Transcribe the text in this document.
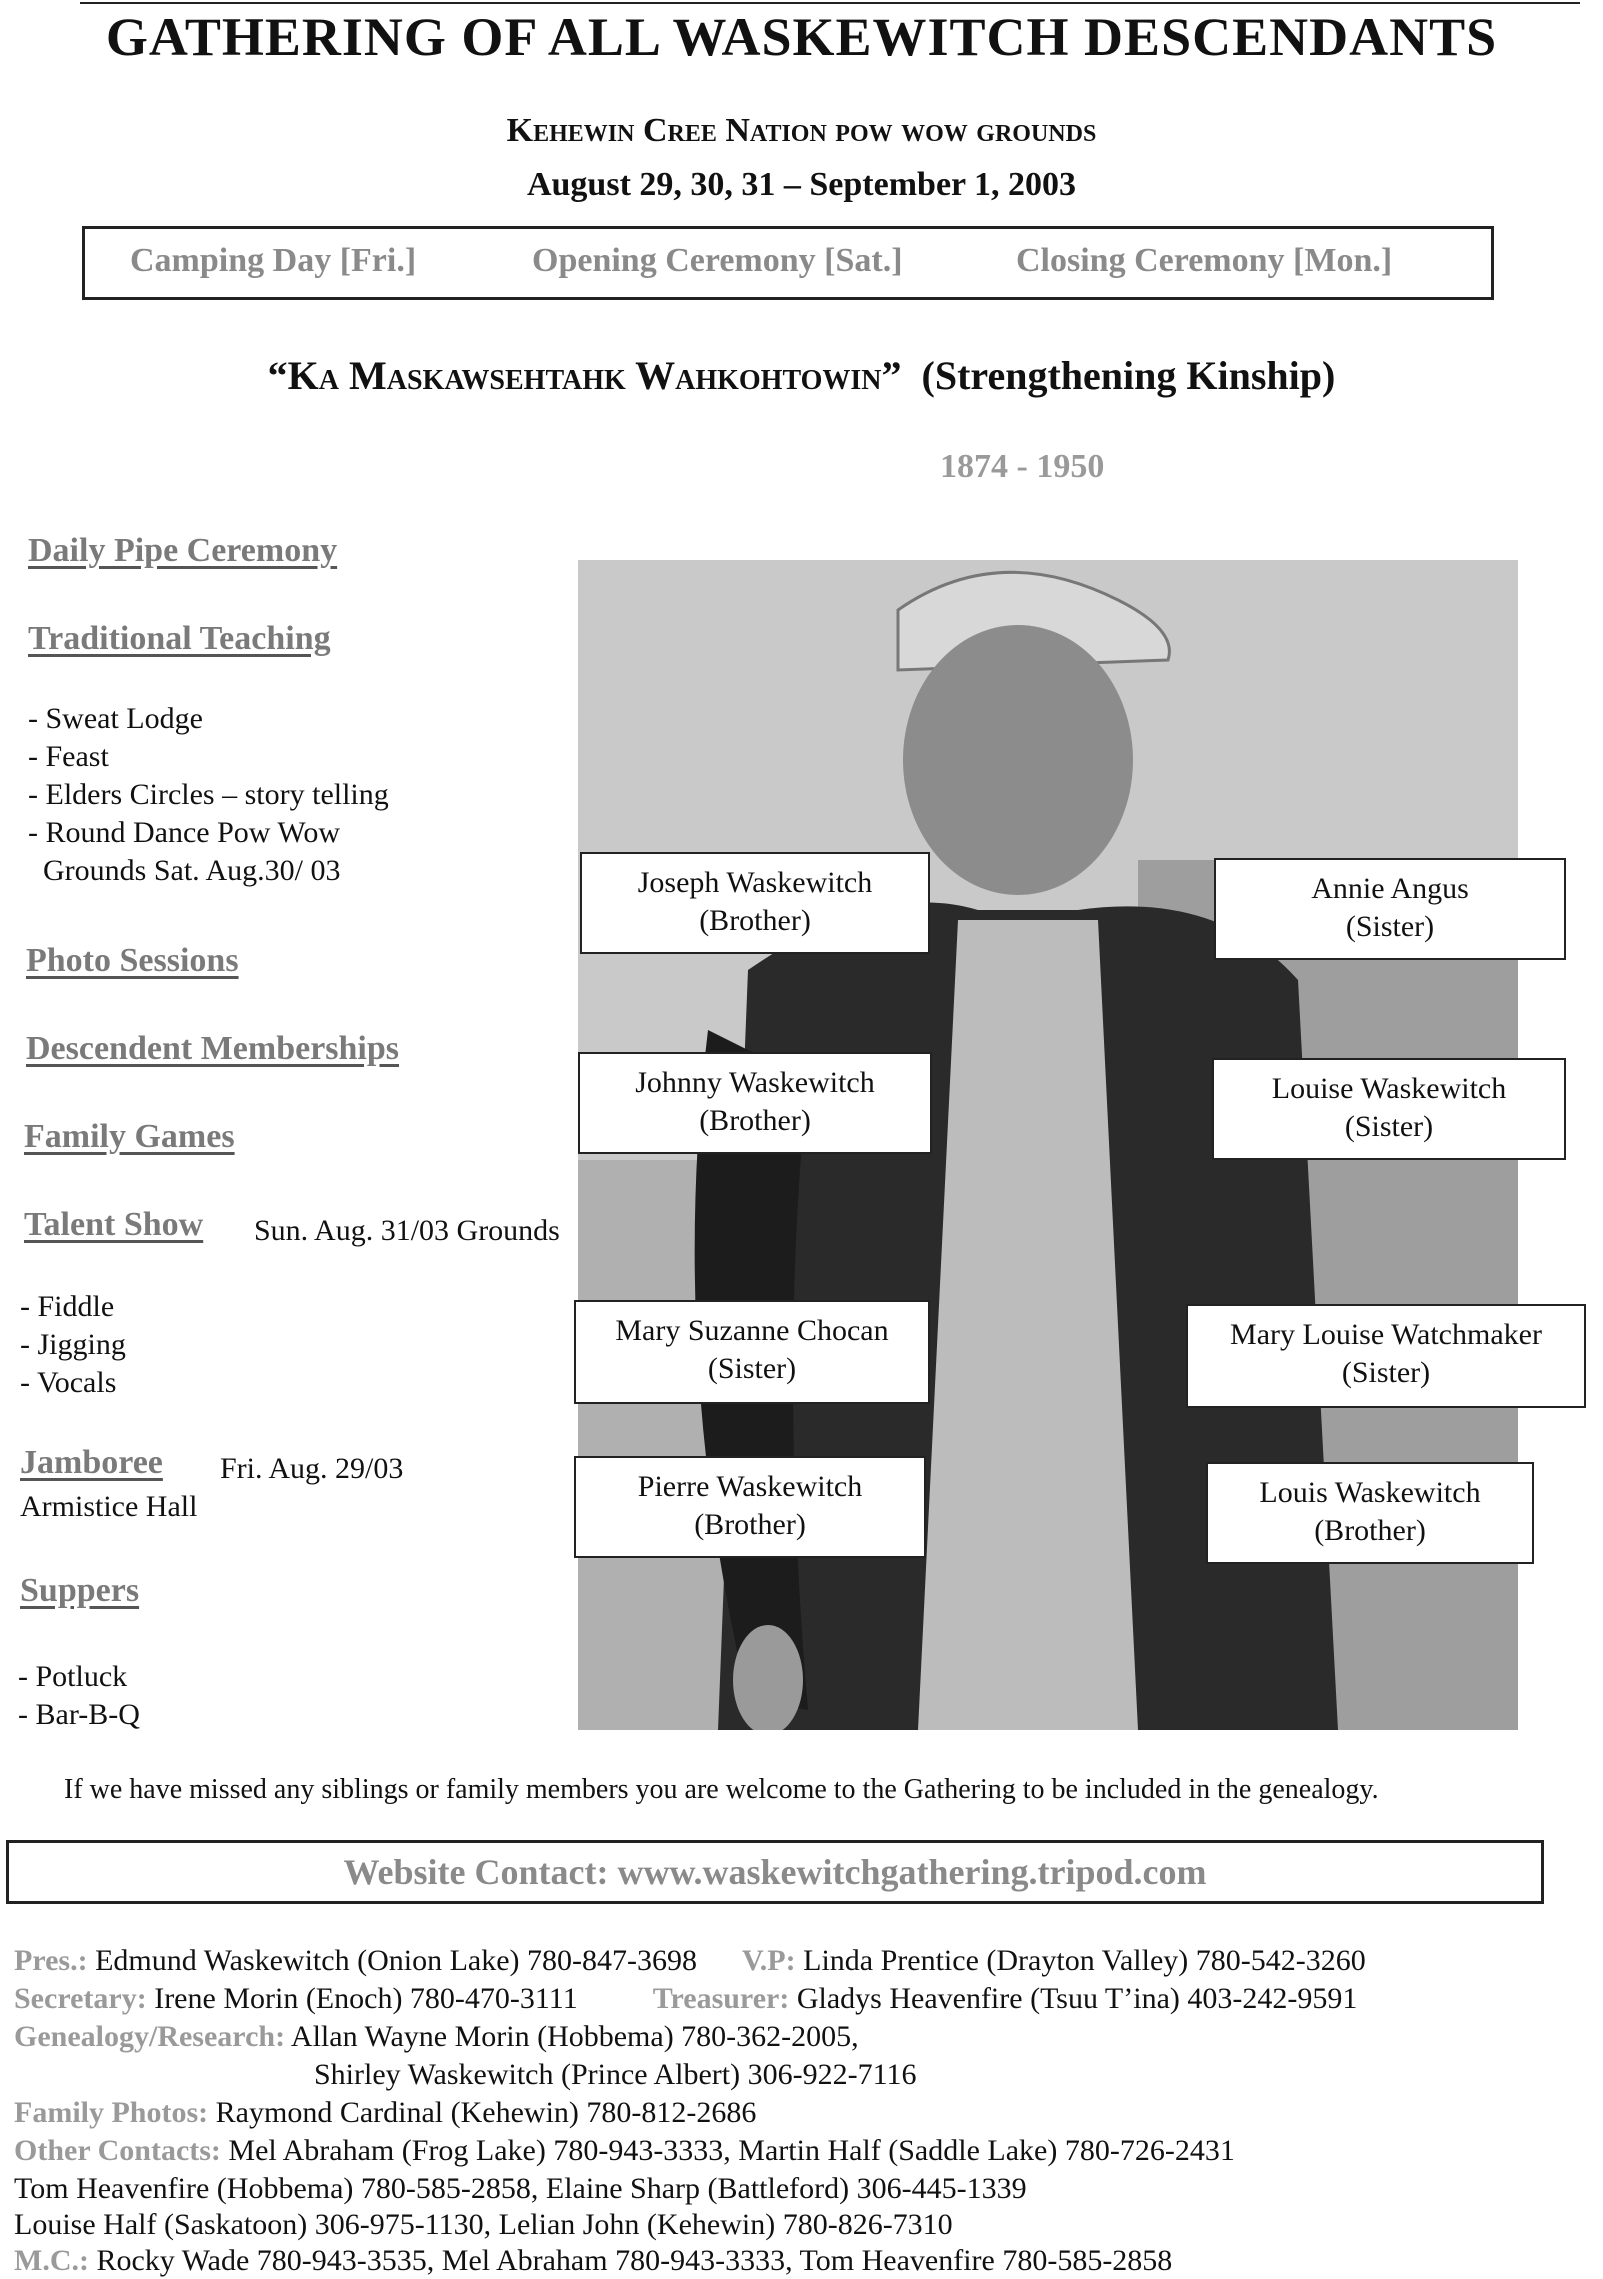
GATHERING OF ALL WASKEWITCH DESCENDANTS
Kehewin Cree Nation pow wow grounds
August 29, 30, 31 – September 1, 2003
Camping Day [Fri.]	Opening Ceremony [Sat.]	Closing Ceremony [Mon.]
“Ka Maskawsehtahk Wahkohtowin” (Strengthening Kinship)
1874 - 1950
Daily Pipe Ceremony
Traditional Teaching
- Sweat Lodge
- Feast
- Elders Circles – story telling
- Round Dance Pow Wow
Grounds Sat. Aug.30/ 03
Photo Sessions
Descendent Memberships
Family Games
Talent Show Sun. Aug. 31/03 Grounds
- Fiddle
- Jigging
- Vocals
Jamboree Fri. Aug. 29/03
Armistice Hall
Suppers
- Potluck
- Bar-B-Q
Joseph Waskewitch
(Brother)
Annie Angus
(Sister)
Johnny Waskewitch
(Brother)
Louise Waskewitch
(Sister)
Mary Suzanne Chocan
(Sister)
Mary Louise Watchmaker
(Sister)
Pierre Waskewitch
(Brother)
Louis Waskewitch
(Brother)
If we have missed any siblings or family members you are welcome to the Gathering to be included in the genealogy.
Website Contact: www.waskewitchgathering.tripod.com
Pres.: Edmund Waskewitch (Onion Lake) 780-847-3698 V.P: Linda Prentice (Drayton Valley) 780-542-3260
Secretary: Irene Morin (Enoch) 780-470-3111	Treasurer: Gladys Heavenfire (Tsuu T’ina) 403-242-9591
Genealogy/Research: Allan Wayne Morin (Hobbema) 780-362-2005,
Shirley Waskewitch (Prince Albert) 306-922-7116
Family Photos: Raymond Cardinal (Kehewin) 780-812-2686
Other Contacts: Mel Abraham (Frog Lake) 780-943-3333, Martin Half (Saddle Lake) 780-726-2431
Tom Heavenfire (Hobbema) 780-585-2858, Elaine Sharp (Battleford) 306-445-1339
Louise Half (Saskatoon) 306-975-1130, Lelian John (Kehewin) 780-826-7310
M.C.: Rocky Wade 780-943-3535, Mel Abraham 780-943-3333, Tom Heavenfire 780-585-2858
